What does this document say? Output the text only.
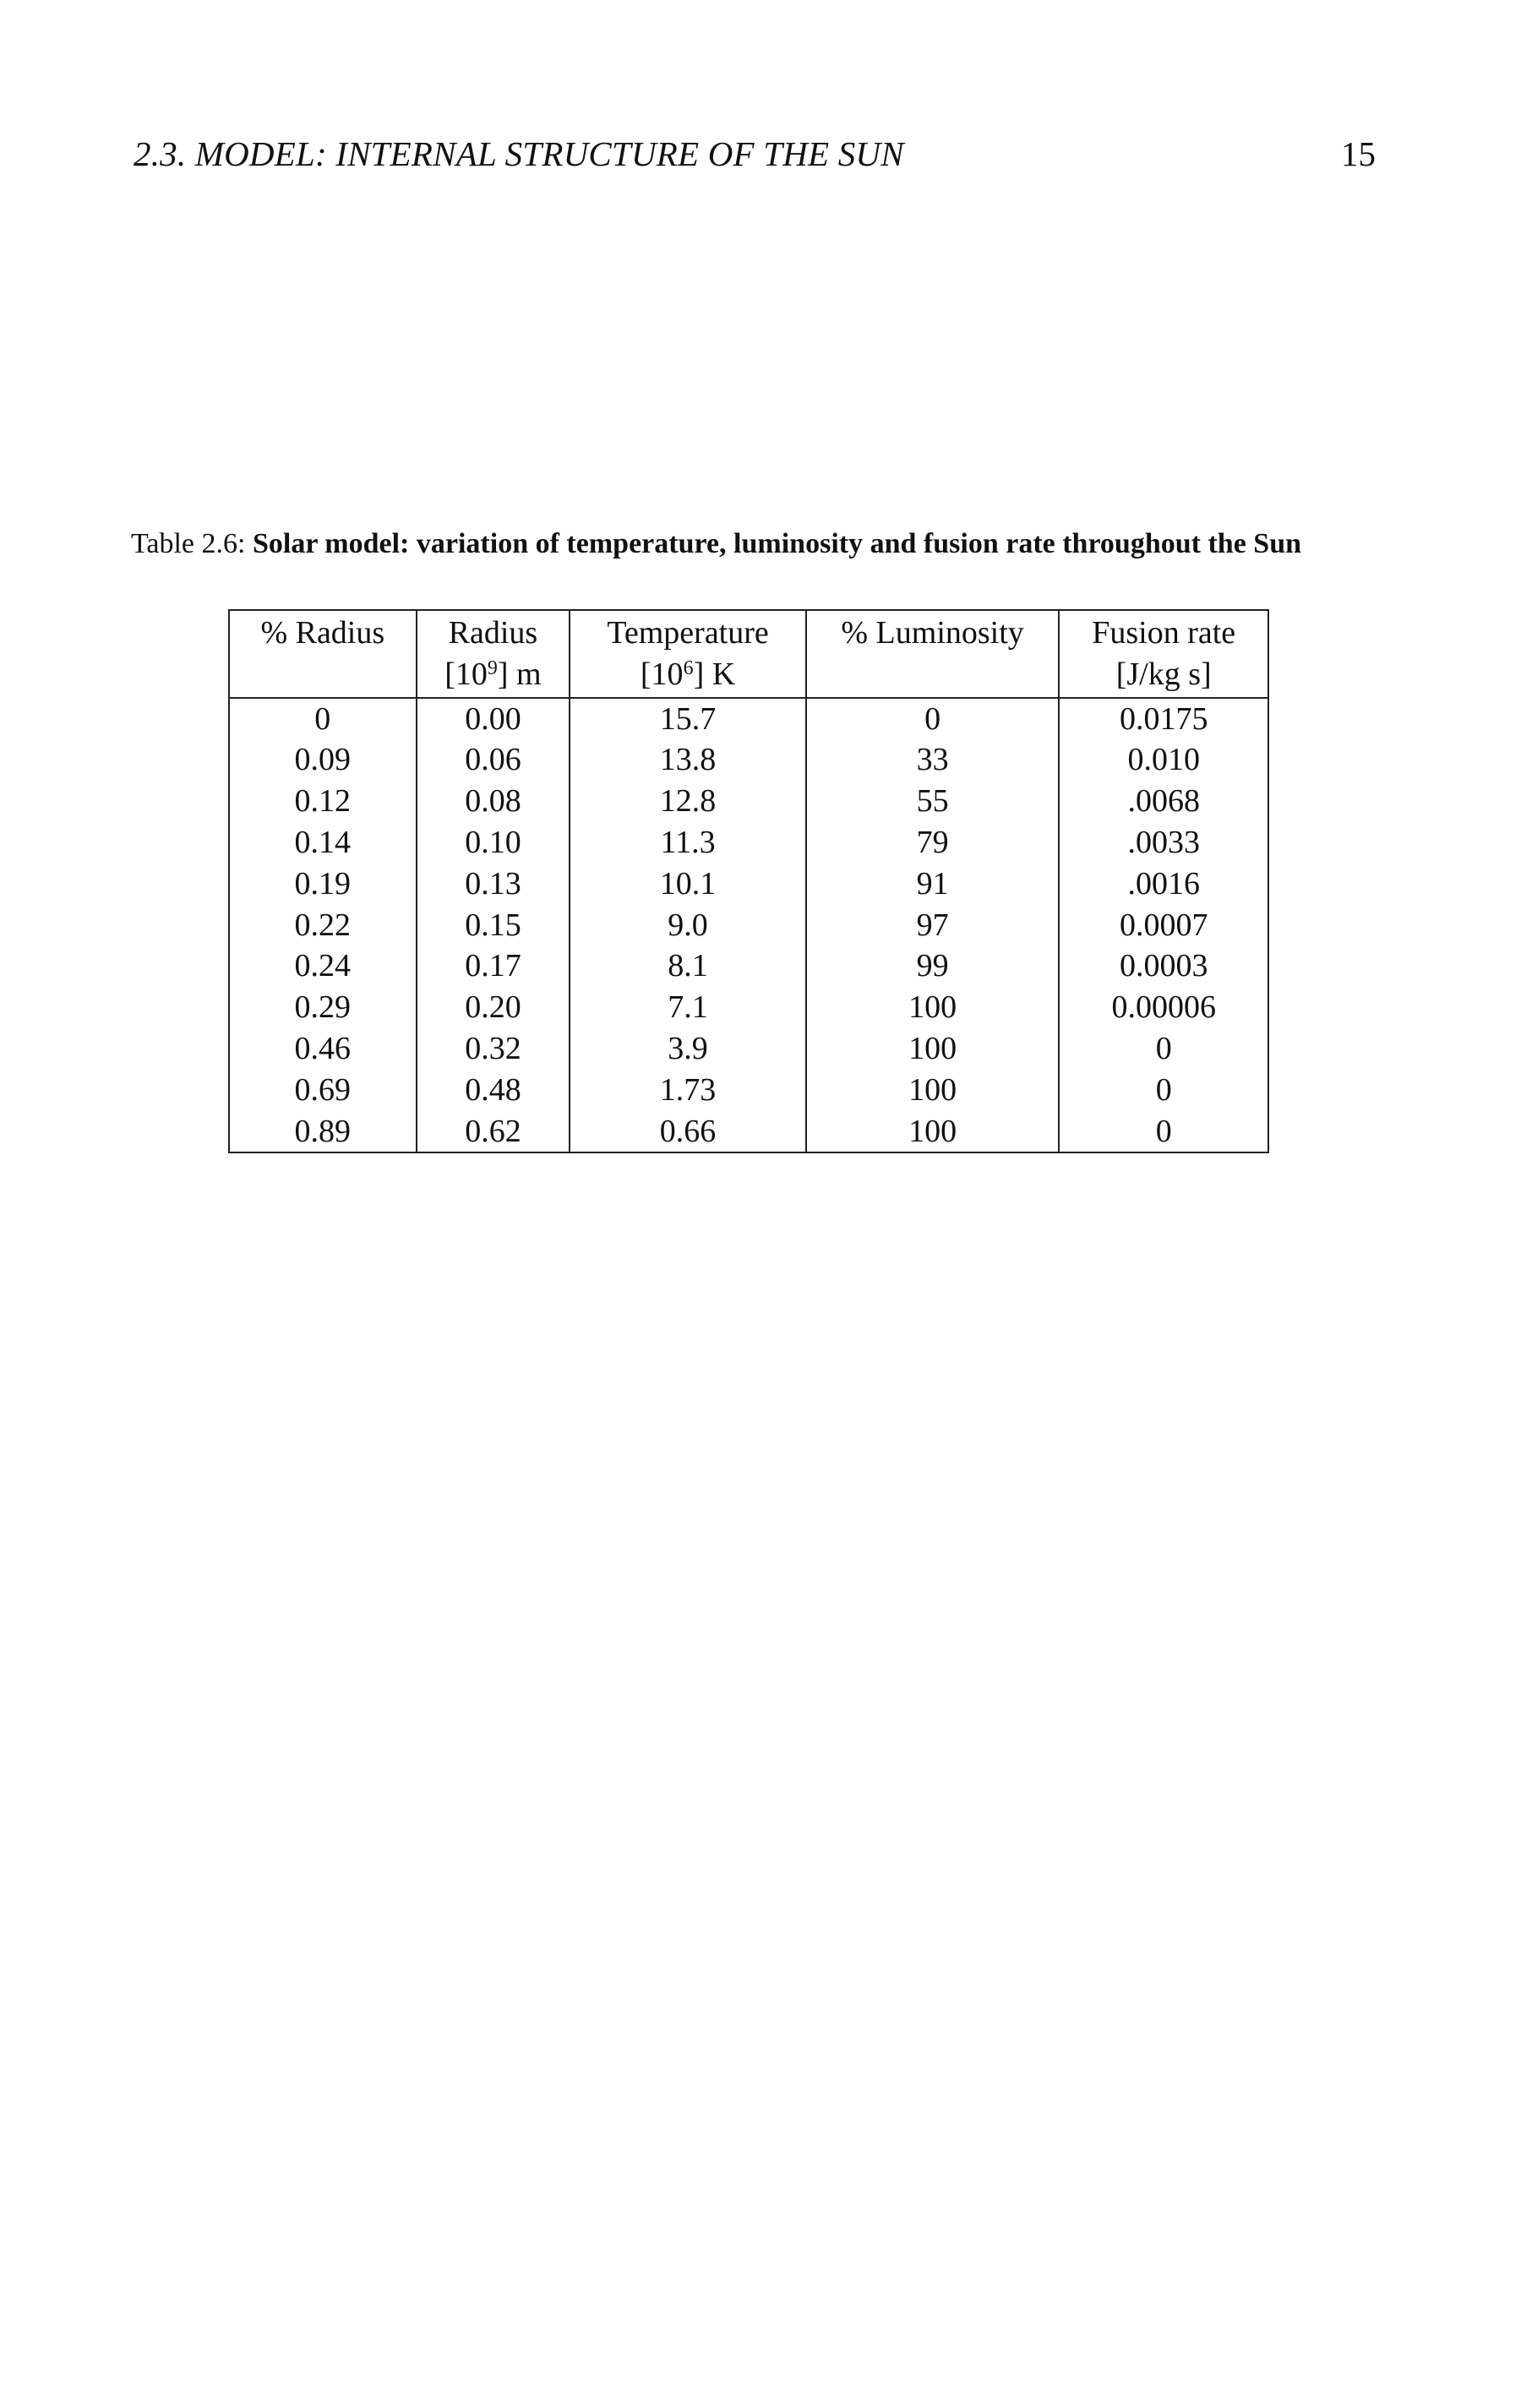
2.3. MODEL: INTERNAL STRUCTURE OF THE SUN	15
Table 2.6: Solar model: variation of temperature, luminosity and fusion rate throughout the Sun
% Radius	Radius	Temperature	% Luminosity	Fusion rate
	$[10^9]$ m	$[10^6]$ K		[J/kg s]
0	0.00	15.7	0	0.0175
0.09	0.06	13.8	33	0.010
0.12	0.08	12.8	55	.0068
0.14	0.10	11.3	79	.0033
0.19	0.13	10.1	91	.0016
0.22	0.15	9.0	97	0.0007
0.24	0.17	8.1	99	0.0003
0.29	0.20	7.1	100	0.00006
0.46	0.32	3.9	100	0
0.69	0.48	1.73	100	0
0.89	0.62	0.66	100	0
